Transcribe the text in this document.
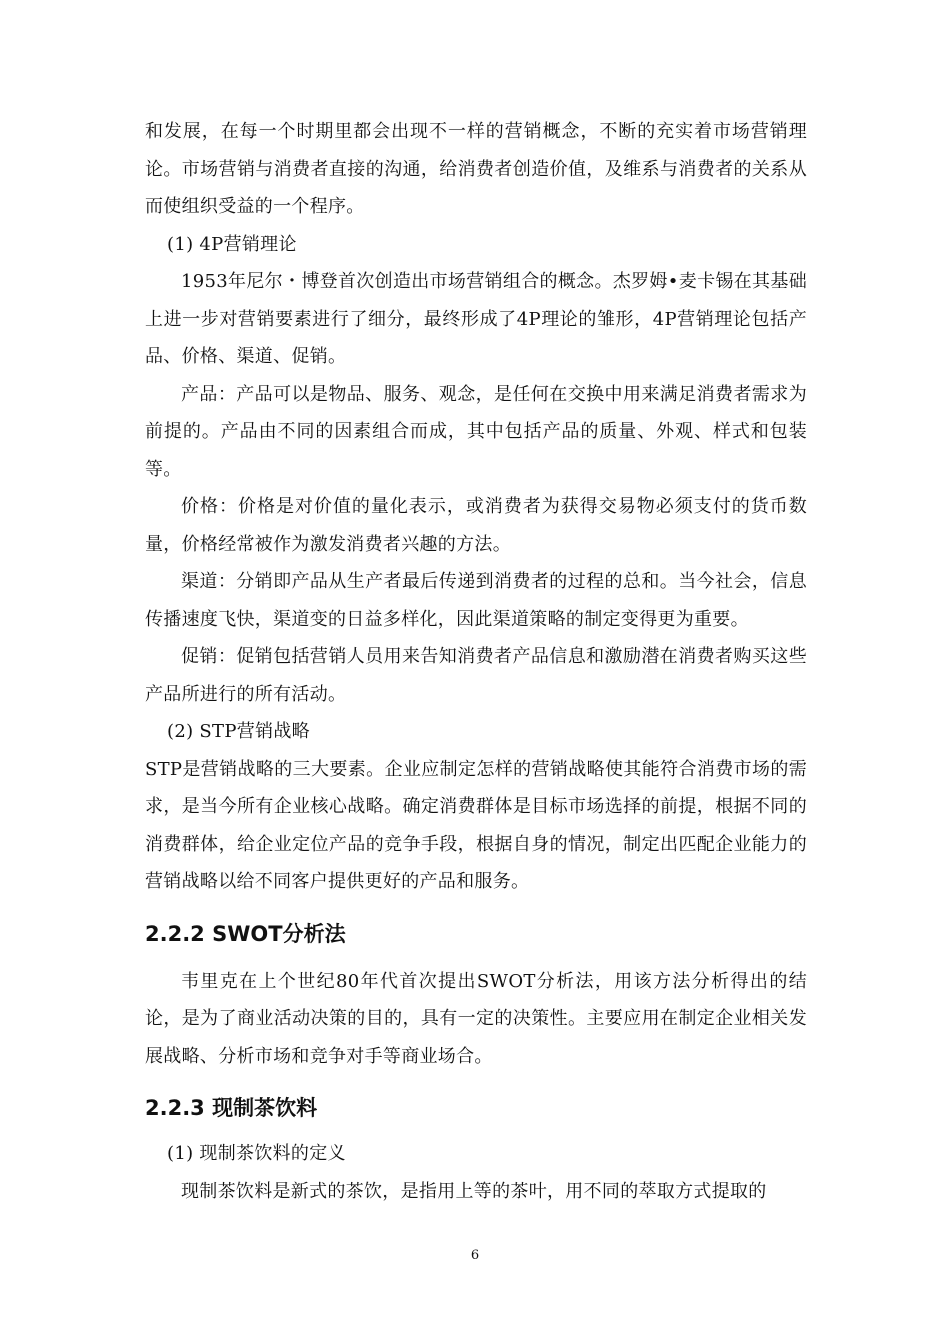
和发展，在每一个时期里都会出现不一样的营销概念，不断的充实着市场营销理论。市场营销与消费者直接的沟通，给消费者创造价值，及维系与消费者的关系从而使组织受益的一个程序。

(1) 4P营销理论

1953年尼尔・博登首次创造出市场营销组合的概念。杰罗姆•麦卡锡在其基础上进一步对营销要素进行了细分，最终形成了4P理论的雏形，4P营销理论包括产品、价格、渠道、促销。

产品：产品可以是物品、服务、观念，是任何在交换中用来满足消费者需求为前提的。产品由不同的因素组合而成，其中包括产品的质量、外观、样式和包装等。

价格：价格是对价值的量化表示，或消费者为获得交易物必须支付的货币数量，价格经常被作为激发消费者兴趣的方法。

渠道：分销即产品从生产者最后传递到消费者的过程的总和。当今社会，信息传播速度飞快，渠道变的日益多样化，因此渠道策略的制定变得更为重要。

促销：促销包括营销人员用来告知消费者产品信息和激励潜在消费者购买这些产品所进行的所有活动。

(2) STP营销战略

STP是营销战略的三大要素。企业应制定怎样的营销战略使其能符合消费市场的需求，是当今所有企业核心战略。确定消费群体是目标市场选择的前提，根据不同的消费群体，给企业定位产品的竞争手段，根据自身的情况，制定出匹配企业能力的营销战略以给不同客户提供更好的产品和服务。

2.2.2 SWOT分析法

韦里克在上个世纪80年代首次提出SWOT分析法，用该方法分析得出的结论，是为了商业活动决策的目的，具有一定的决策性。主要应用在制定企业相关发展战略、分析市场和竞争对手等商业场合。

2.2.3 现制茶饮料

(1) 现制茶饮料的定义

现制茶饮料是新式的茶饮，是指用上等的茶叶，用不同的萃取方式提取的

6
